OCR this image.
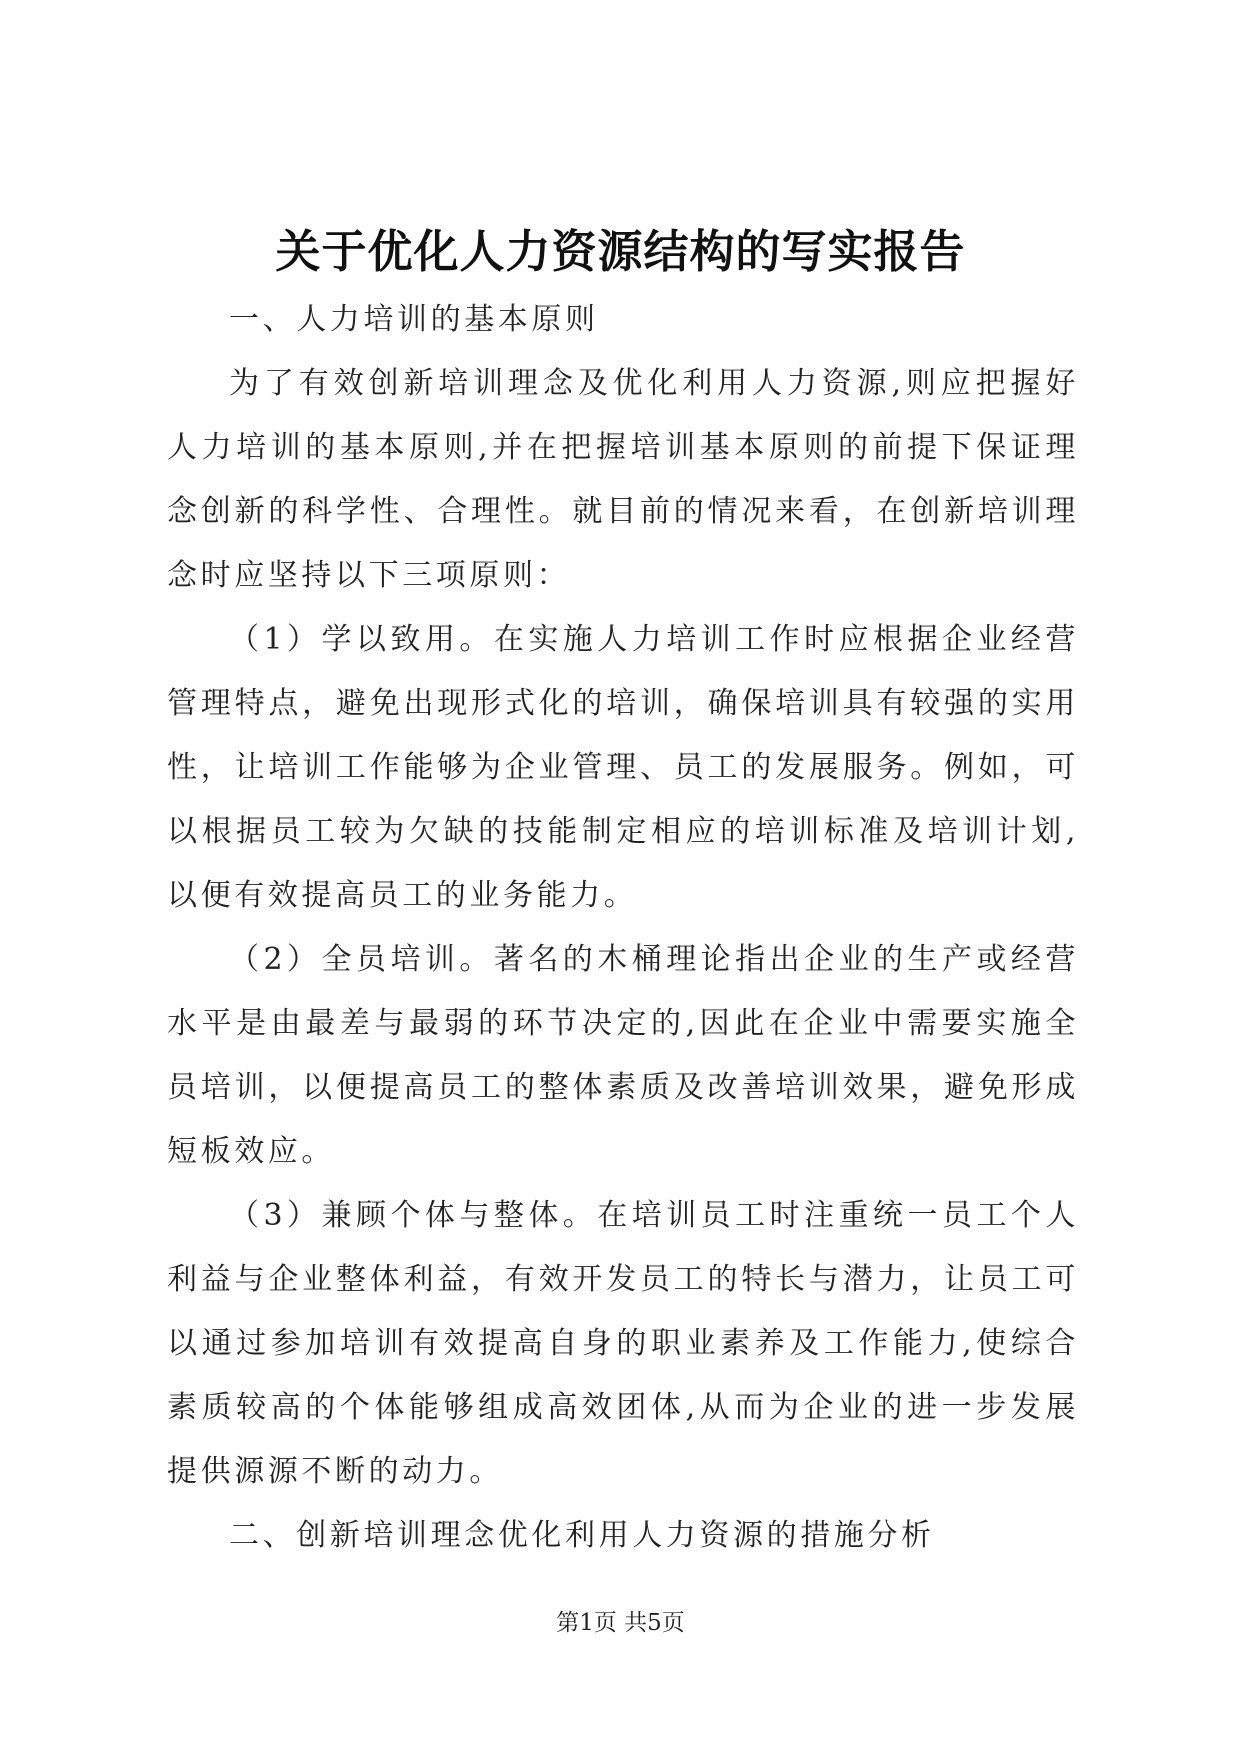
关于优化人力资源结构的写实报告
一、人力培训的基本原则
为了有效创新培训理念及优化利用人力资源,则应把握好人力培训的基本原则,并在把握培训基本原则的前提下保证理念创新的科学性、合理性。就目前的情况来看，在创新培训理念时应坚持以下三项原则：
（1）学以致用。在实施人力培训工作时应根据企业经营管理特点，避免出现形式化的培训，确保培训具有较强的实用性，让培训工作能够为企业管理、员工的发展服务。例如，可以根据员工较为欠缺的技能制定相应的培训标准及培训计划,以便有效提高员工的业务能力。
（2）全员培训。著名的木桶理论指出企业的生产或经营水平是由最差与最弱的环节决定的,因此在企业中需要实施全员培训，以便提高员工的整体素质及改善培训效果，避免形成短板效应。
（3）兼顾个体与整体。在培训员工时注重统一员工个人利益与企业整体利益，有效开发员工的特长与潜力，让员工可以通过参加培训有效提高自身的职业素养及工作能力,使综合素质较高的个体能够组成高效团体,从而为企业的进一步发展提供源源不断的动力。
二、创新培训理念优化利用人力资源的措施分析
第1页 共5页
